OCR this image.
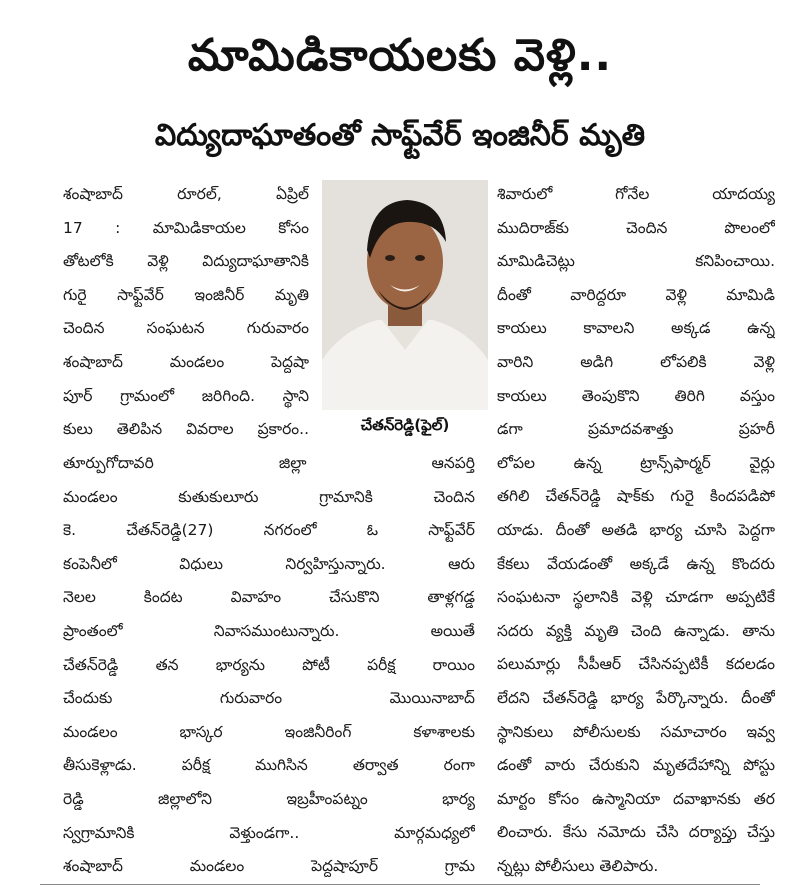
మామిడికాయలకు వెళ్లి..
విద్యుదాఘాతంతో సాఫ్ట్‌వేర్ ఇంజినీర్ మృతి
శంషాబాద్ రూరల్, ఏప్రిల్
17 : మామిడికాయల కోసం
తోటలోకి వెళ్లి విద్యుదాఘాతానికి
గురై సాఫ్ట్‌వేర్ ఇంజినీర్ మృతి
చెందిన సంఘటన గురువారం
శంషాబాద్ మండలం పెద్దషా
పూర్ గ్రామంలో జరిగింది. స్థాని
కులు తెలిపిన వివరాల ప్రకారం..
తూర్పుగోదావరి జిల్లా ఆనపర్తి
మండలం కుతుకులూరు గ్రామానికి చెందిన
కె. చేతన్‌రెడ్డి(27) నగరంలో ఓ సాఫ్ట్‌వేర్
కంపెనీలో విధులు నిర్వహిస్తున్నారు. ఆరు
నెలల కిందట వివాహం చేసుకొని తాళ్లగడ్డ
ప్రాంతంలో నివాసముంటున్నారు. అయితే
చేతన్‌రెడ్డి తన భార్యను పోటీ పరీక్ష రాయిం
చేందుకు గురువారం మొయినాబాద్
మండలం భాస్కర ఇంజినీరింగ్ కళాశాలకు
తీసుకెళ్లాడు. పరీక్ష ముగిసిన తర్వాత రంగా
రెడ్డి జిల్లాలోని ఇబ్రహీంపట్నం భార్య
స్వగ్రామానికి వెళ్తుండగా.. మార్గమధ్యలో
శంషాబాద్ మండలం పెద్దషాపూర్ గ్రామ
శివారులో గోనేల యాదయ్య
ముదిరాజ్‌కు చెందిన పొలంలో
మామిడిచెట్లు కనిపించాయి.
దీంతో వారిద్దరూ వెళ్లి మామిడి
కాయలు కావాలని అక్కడ ఉన్న
వారిని అడిగి లోపలికి వెళ్లి
కాయలు తెంపుకొని తిరిగి వస్తుం
డగా ప్రమాదవశాత్తు ప్రహరీ
లోపల ఉన్న ట్రాన్స్‌ఫార్మర్ వైర్లు
తగిలి చేతన్‌రెడ్డి షాక్‌కు గురై కిందపడిపో
యాడు. దీంతో అతడి భార్య చూసి పెద్దగా
కేకలు వేయడంతో అక్కడే ఉన్న కొందరు
సంఘటనా స్థలానికి వెళ్లి చూడగా అప్పటికే
సదరు వ్యక్తి మృతి చెంది ఉన్నాడు. తాను
పలుమార్లు సీపీఆర్ చేసినప్పటికీ కదలడం
లేదని చేతన్‌రెడ్డి భార్య పేర్కొన్నారు. దీంతో
స్థానికులు పోలీసులకు సమాచారం ఇవ్వ
డంతో వారు చేరుకుని మృతదేహాన్ని పోస్టు
మార్టం కోసం ఉస్మానియా దవాఖానకు తర
లించారు. కేసు నమోదు చేసి దర్యాప్తు చేస్తు
న్నట్లు పోలీసులు తెలిపారు.
చేతన్‌రెడ్డి(ఫైల్)
